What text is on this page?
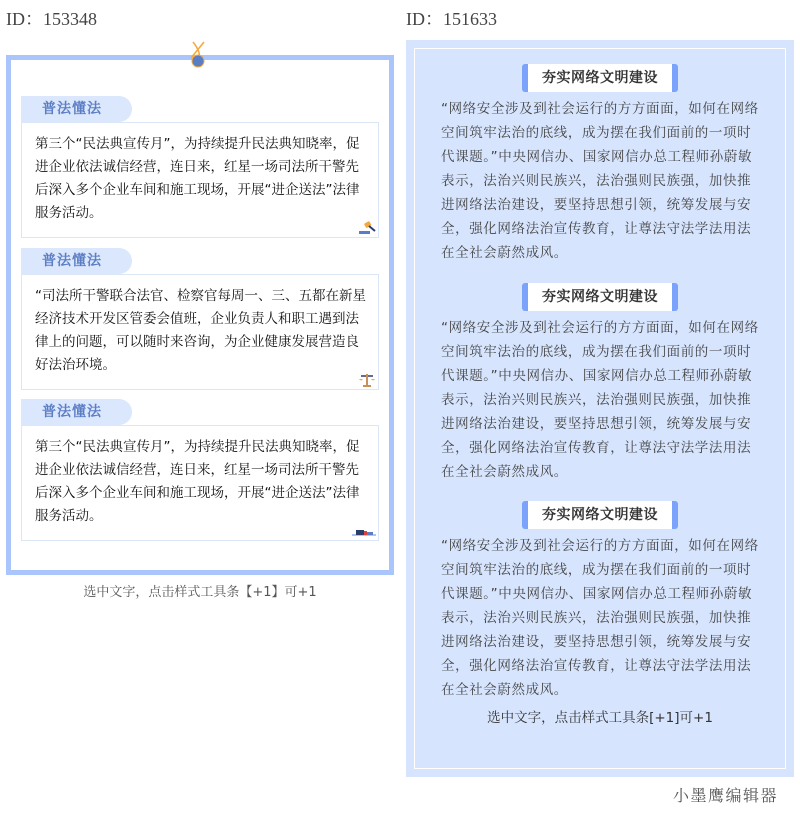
ID：153348
普法懂法
第三个“民法典宣传月”，为持续提升民法典知晓率，促进企业依法诚信经营，连日来，红星一场司法所干警先后深入多个企业车间和施工现场，开展“进企送法”法律服务活动。
普法懂法
“司法所干警联合法官、检察官每周一、三、五都在新星经济技术开发区管委会值班，企业负责人和职工遇到法律上的问题，可以随时来咨询，为企业健康发展营造良好法治环境。
普法懂法
第三个“民法典宣传月”，为持续提升民法典知晓率，促进企业依法诚信经营，连日来，红星一场司法所干警先后深入多个企业车间和施工现场，开展“进企送法”法律服务活动。
选中文字，点击样式工具条【+1】可+1
ID：151633
夯实网络文明建设
“网络安全涉及到社会运行的方方面面，如何在网络空间筑牢法治的底线，成为摆在我们面前的一项时代课题。”中央网信办、国家网信办总工程师孙蔚敏表示，法治兴则民族兴，法治强则民族强，加快推进网络法治建设，要坚持思想引领，统筹发展与安全，强化网络法治宣传教育，让尊法守法学法用法在全社会蔚然成风。
夯实网络文明建设
“网络安全涉及到社会运行的方方面面，如何在网络空间筑牢法治的底线，成为摆在我们面前的一项时代课题。”中央网信办、国家网信办总工程师孙蔚敏表示，法治兴则民族兴，法治强则民族强，加快推进网络法治建设，要坚持思想引领，统筹发展与安全，强化网络法治宣传教育，让尊法守法学法用法在全社会蔚然成风。
夯实网络文明建设
“网络安全涉及到社会运行的方方面面，如何在网络空间筑牢法治的底线，成为摆在我们面前的一项时代课题。”中央网信办、国家网信办总工程师孙蔚敏表示，法治兴则民族兴，法治强则民族强，加快推进网络法治建设，要坚持思想引领，统筹发展与安全，强化网络法治宣传教育，让尊法守法学法用法在全社会蔚然成风。
选中文字，点击样式工具条[+1]可+1
小墨鹰编辑器
